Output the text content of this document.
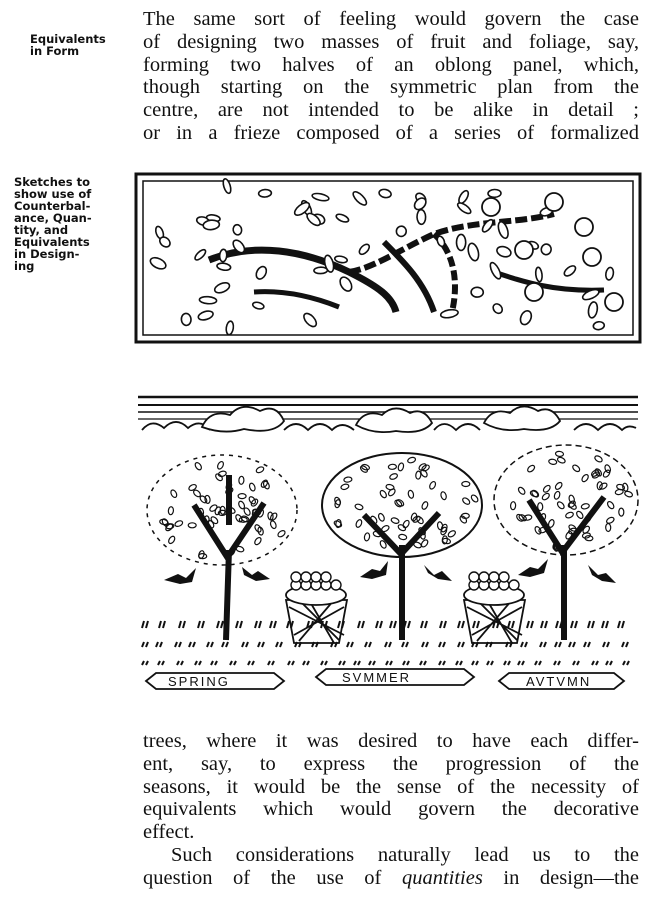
Equivalents
in Form
Sketches to
show use of
Counterbal-
ance, Quan-
tity, and
Equivalents
in Design-
ing
The same sort of feeling would govern the case
of designing two masses of fruit and foliage, say,
forming two halves of an oblong panel, which,
though starting on the symmetric plan from the
centre, are not intended to be alike in detail ;
or in a frieze composed of a series of formalized
SPRING	SVMMER	AVTVMN
trees, where it was desired to have each differ-
ent, say, to express the progression of the
seasons, it would be the sense of the necessity of
equivalents which would govern the decorative
effect.
Such considerations naturally lead us to the
question of the use of quantities in design—the
